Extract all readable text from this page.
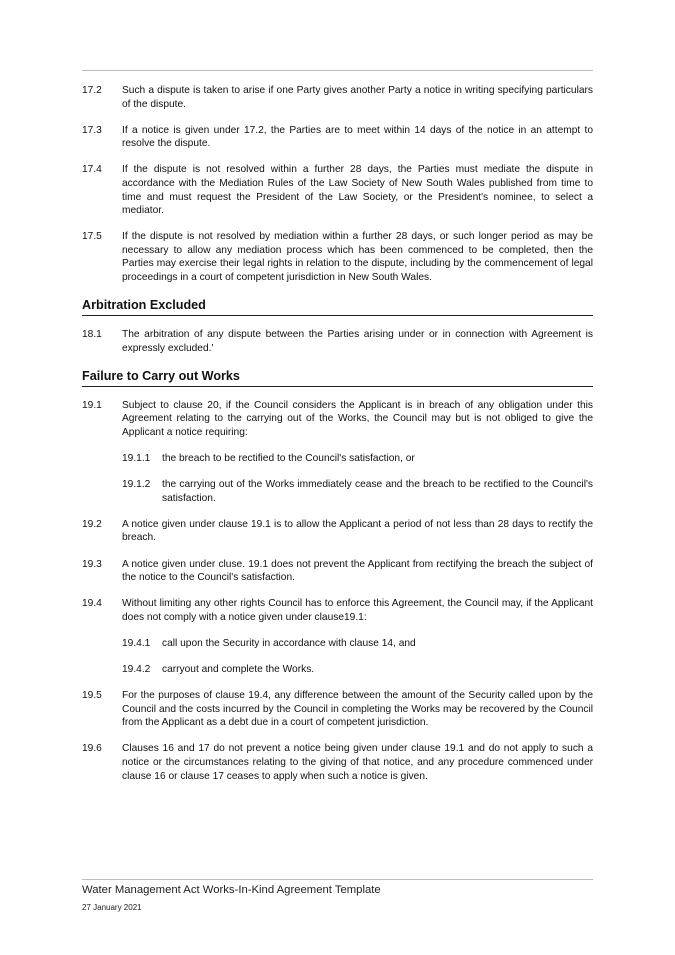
17.2 Such a dispute is taken to arise if one Party gives another Party a notice in writing specifying particulars of the dispute.
17.3 If a notice is given under 17.2, the Parties are to meet within 14 days of the notice in an attempt to resolve the dispute.
17.4 If the dispute is not resolved within a further 28 days, the Parties must mediate the dispute in accordance with the Mediation Rules of the Law Society of New South Wales published from time to time and must request the President of the Law Society, or the President's nominee, to select a mediator.
17.5 If the dispute is not resolved by mediation within a further 28 days, or such longer period as may be necessary to allow any mediation process which has been commenced to be completed, then the Parties may exercise their legal rights in relation to the dispute, including by the commencement of legal proceedings in a court of competent jurisdiction in New South Wales.
Arbitration Excluded
18.1 The arbitration of any dispute between the Parties arising under or in connection with Agreement is expressly excluded.'
Failure to Carry out Works
19.1 Subject to clause 20, if the Council considers the Applicant is in breach of any obligation under this Agreement relating to the carrying out of the Works, the Council may but is not obliged to give the Applicant a notice requiring:
19.1.1 the breach to be rectified to the Council's satisfaction, or
19.1.2 the carrying out of the Works immediately cease and the breach to be rectified to the Council's satisfaction.
19.2 A notice given under clause 19.1 is to allow the Applicant a period of not less than 28 days to rectify the breach.
19.3 A notice given under cluse. 19.1 does not prevent the Applicant from rectifying the breach the subject of the notice to the Council's satisfaction.
19.4 Without limiting any other rights Council has to enforce this Agreement, the Council may, if the Applicant does not comply with a notice given under clause19.1:
19.4.1 call upon the Security in accordance with clause 14, and
19.4.2 carryout and complete the Works.
19.5 For the purposes of clause 19.4, any difference between the amount of the Security called upon by the Council and the costs incurred by the Council in completing the Works may be recovered by the Council from the Applicant as a debt due in a court of competent jurisdiction.
19.6 Clauses 16 and 17 do not prevent a notice being given under clause 19.1 and do not apply to such a notice or the circumstances relating to the giving of that notice, and any procedure commenced under clause 16 or clause 17 ceases to apply when such a notice is given.
Water Management Act Works-In-Kind Agreement Template
27 January 2021
